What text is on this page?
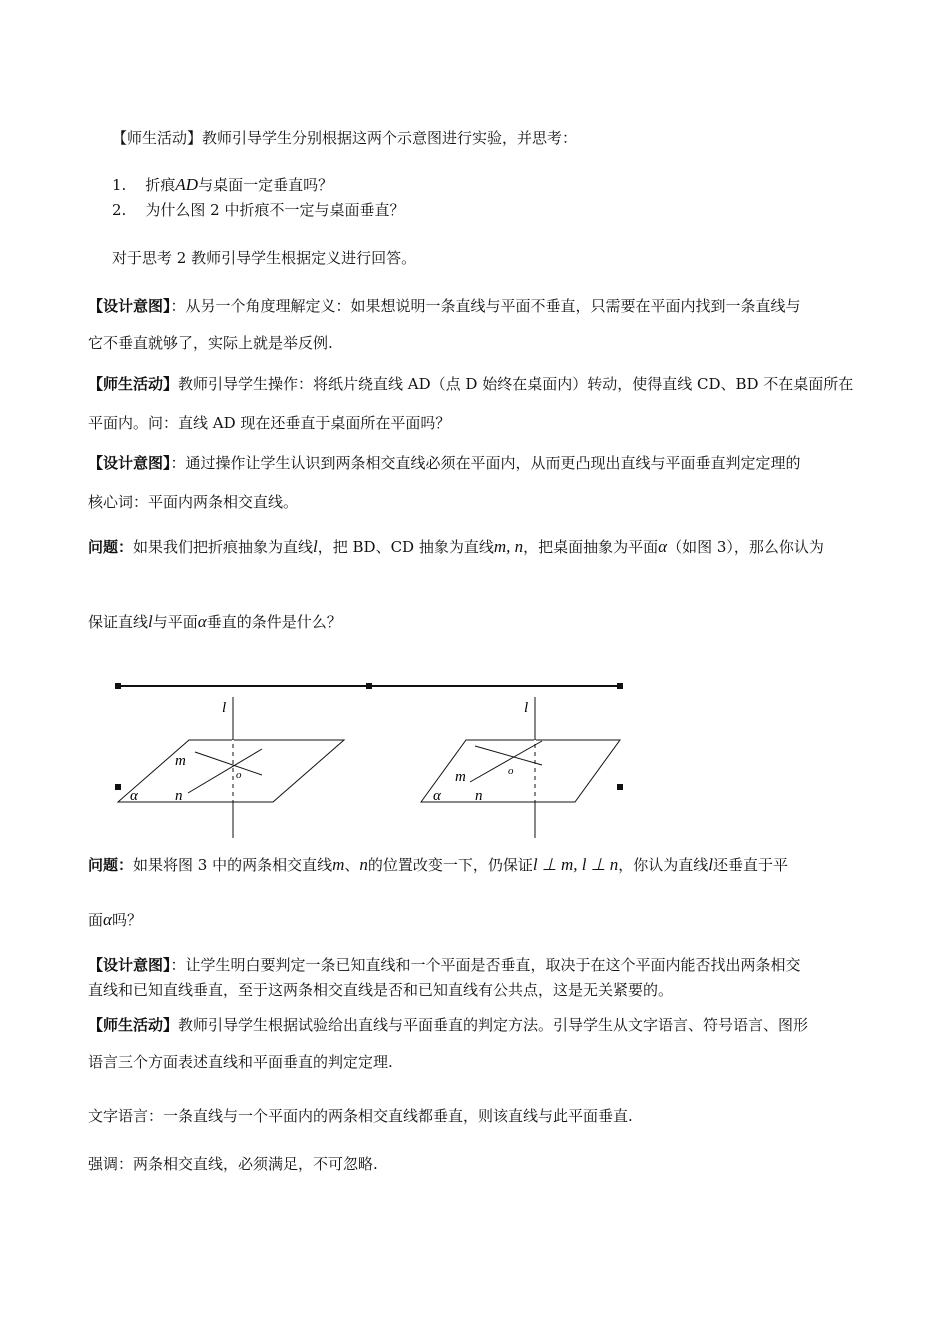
【师生活动】教师引导学生分别根据这两个示意图进行实验，并思考：
1. 折痕AD与桌面一定垂直吗？
2. 为什么图 2 中折痕不一定与桌面垂直？
对于思考 2 教师引导学生根据定义进行回答。
【设计意图】：从另一个角度理解定义：如果想说明一条直线与平面不垂直，只需要在平面内找到一条直线与
它不垂直就够了，实际上就是举反例.
【师生活动】教师引导学生操作：将纸片绕直线 AD（点 D 始终在桌面内）转动，使得直线 CD、BD 不在桌面所在
平面内。问：直线 AD 现在还垂直于桌面所在平面吗？
【设计意图】：通过操作让学生认识到两条相交直线必须在平面内，从而更凸现出直线与平面垂直判定定理的
核心词：平面内两条相交直线。
问题：如果我们把折痕抽象为直线l，把 BD、CD 抽象为直线m, n，把桌面抽象为平面α（如图 3），那么你认为
保证直线l与平面α垂直的条件是什么？
l
m
o
n
α
l
m	o
n
α
问题：如果将图 3 中的两条相交直线m、n的位置改变一下，仍保证l ⊥ m, l ⊥ n，你认为直线l还垂直于平
面α吗？
【设计意图】：让学生明白要判定一条已知直线和一个平面是否垂直，取决于在这个平面内能否找出两条相交
直线和已知直线垂直，至于这两条相交直线是否和已知直线有公共点，这是无关紧要的。
【师生活动】教师引导学生根据试验给出直线与平面垂直的判定方法。引导学生从文字语言、符号语言、图形
语言三个方面表述直线和平面垂直的判定定理.
文字语言：一条直线与一个平面内的两条相交直线都垂直，则该直线与此平面垂直.
强调：两条相交直线，必须满足，不可忽略.
